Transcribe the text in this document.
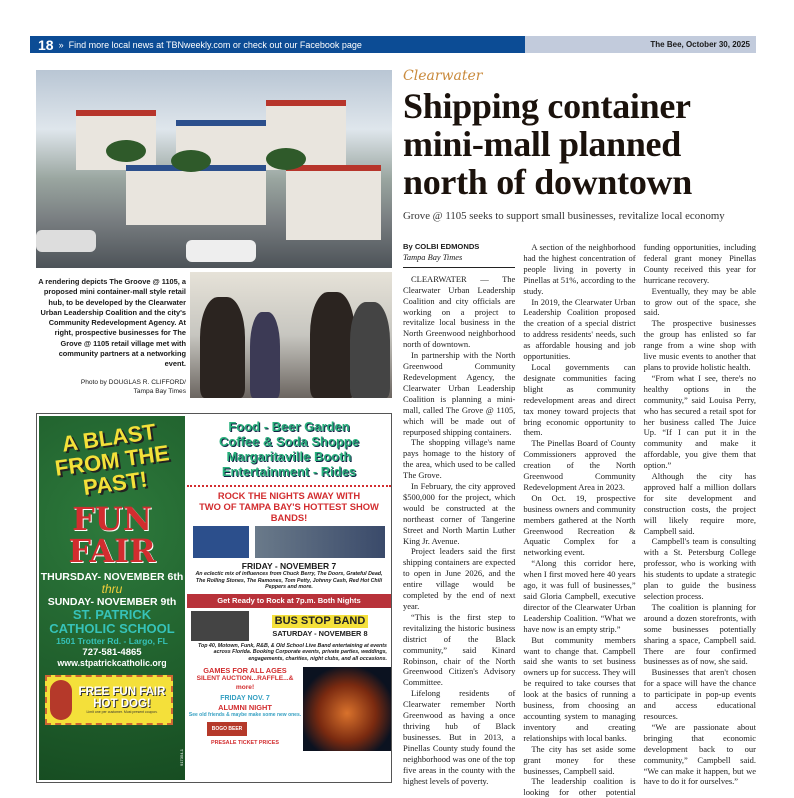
18 » Find more local news at TBNweekly.com or check out our Facebook page	The Bee, October 30, 2025
A rendering depicts The Groove @ 1105, a proposed mini container-mall style retail hub, to be developed by the Clearwater Urban Leadership Coalition and the city's Community Redevelopment Agency. At right, prospective businesses for The Grove @ 1105 retail village met with community partners at a networking event.
Photo by DOUGLAS R. CLIFFORD/
Tampa Bay Times
A BLAST FROM THE PAST!
FUN FAIR
THURSDAY- NOVEMBER 6th
thru
SUNDAY- NOVEMBER 9th
ST. PATRICK CATHOLIC SCHOOL
1501 Trotter Rd. - Largo, FL
727-581-4865
www.stpatrickcatholic.org
FREE FUN FAIR HOT DOG!
Limit one per customer. Must present coupon.
917354-1
Food - Beer Garden
Coffee & Soda Shoppe
Margaritaville Booth
Entertainment - Rides
ROCK THE NIGHTS AWAY WITH
TWO OF TAMPA BAY'S HOTTEST SHOW BANDS!
FRIDAY - NOVEMBER 7
An eclectic mix of influences from Chuck Berry, The Doors, Grateful Dead, The Rolling Stones, The Ramones, Tom Petty, Johnny Cash, Red Hot Chili Peppers and more.
Get Ready to Rock at 7p.m. Both Nights
BUS STOP BAND
SATURDAY - NOVEMBER 8
Top 40, Motown, Funk, R&B, & Old School Live Band entertaining at events across Florida. Booking Corporate events, private parties, weddings, engagements, charities, night clubs, and all occasions.
GAMES FOR ALL AGES
SILENT AUCTION...RAFFLE...& more!
FRIDAY NOV. 7
ALUMNI NIGHT
See old friends & maybe make some new ones.
BOGO BEER
PRESALE TICKET PRICES
Clearwater
Shipping container mini-mall planned north of downtown
Grove @ 1105 seeks to support small businesses, revitalize local economy
By COLBI EDMONDS
Tampa Bay Times

CLEARWATER — The Clearwater Urban Leadership Coalition and city officials are working on a project to revitalize local business in the North Greenwood neighborhood north of downtown.

In partnership with the North Greenwood Community Redevelopment Agency, the Clearwater Urban Leadership Coalition is planning a mini-mall, called The Grove @ 1105, which will be made out of repurposed shipping containers.

The shopping village's name pays homage to the history of the area, which used to be called The Grove.

In February, the city approved $500,000 for the project, which would be constructed at the northeast corner of Tangerine Street and North Martin Luther King Jr. Avenue.

Project leaders said the first shipping containers are expected to open in June 2026, and the entire village would be completed by the end of next year.

“This is the first step to revitalizing the historic business district of the Black community,” said Kinard Robinson, chair of the North Greenwood Citizen's Advisory Committee.

Lifelong residents of Clearwater remember North Greenwood as having a once thriving hub of Black businesses. But in 2013, a Pinellas County study found the neighborhood was one of the top five areas in the county with the highest levels of poverty.

A section of the neighborhood had the highest concentration of people living in poverty in Pinellas at 51%, according to the study.

In 2019, the Clearwater Urban Leadership Coalition proposed the creation of a special district to address residents' needs, such as affordable housing and job opportunities.

Local governments can designate communities facing blight as community redevelopment areas and direct tax money toward projects that bring economic opportunity to them.

The Pinellas Board of County Commissioners approved the creation of the North Greenwood Community Redevelopment Area in 2023.

On Oct. 19, prospective business owners and community members gathered at the North Greenwood Recreation & Aquatic Complex for a networking event.

“Along this corridor here, when I first moved here 40 years ago, it was full of businesses,” said Gloria Campbell, executive director of the Clearwater Urban Leadership Coalition. “What we have now is an empty strip.”

But community members want to change that. Campbell said she wants to set business owners up for success. They will be required to take courses that look at the basics of running a business, from choosing an accounting system to managing inventory and creating relationships with local banks.

The city has set aside some grant money for these businesses, Campbell said.

The leadership coalition is looking for other potential funding opportunities, including federal grant money Pinellas County received this year for hurricane recovery.

Eventually, they may be able to grow out of the space, she said.

The prospective businesses the group has enlisted so far range from a wine shop with live music events to another that plans to provide holistic health.

“From what I see, there's no healthy options in the community,” said Louisa Perry, who has secured a retail spot for her business called The Juice Up. “If I can put it in the community and make it affordable, you give them that option.”

Although the city has approved half a million dollars for site development and construction costs, the project will likely require more, Campbell said.

Campbell's team is consulting with a St. Petersburg College professor, who is working with his students to update a strategic plan to guide the business selection process.

The coalition is planning for around a dozen storefronts, with some businesses potentially sharing a space, Campbell said. There are four confirmed businesses as of now, she said.

Businesses that aren't chosen for a space will have the chance to participate in pop-up events and access educational resources.

“We are passionate about bringing that economic development back to our community,” Campbell said. “We can make it happen, but we have to do it for ourselves.”
